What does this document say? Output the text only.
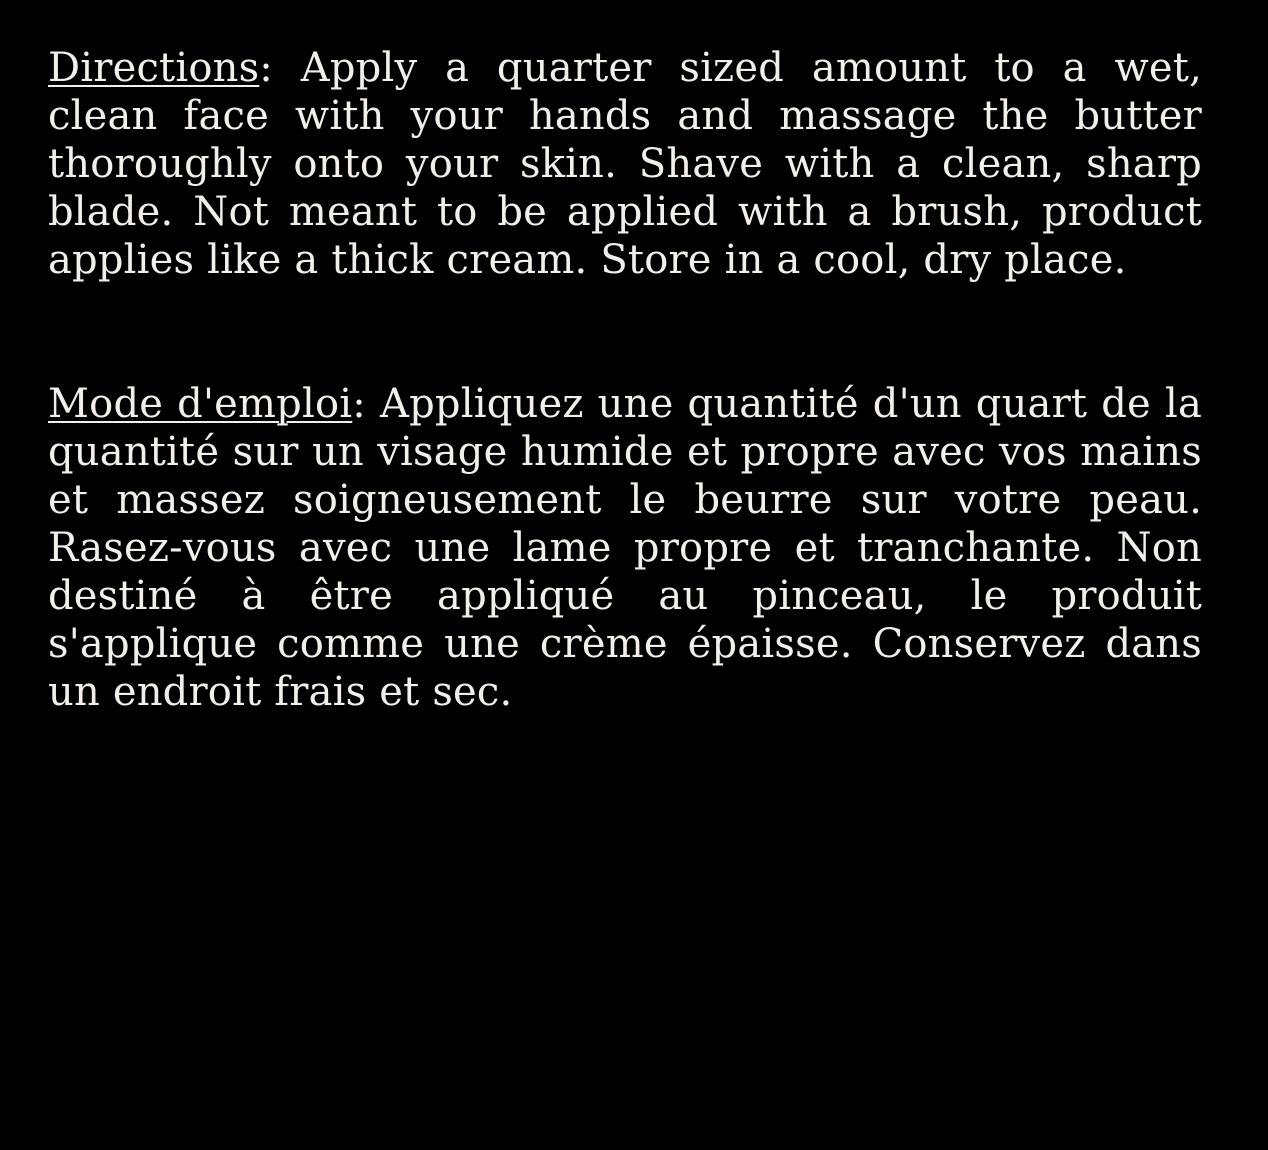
Directions: Apply a quarter sized amount to a wet, clean face with your hands and massage the butter thoroughly onto your skin. Shave with a clean, sharp blade. Not meant to be applied with a brush, product applies like a thick cream. Store in a cool, dry place.

Mode d'emploi: Appliquez une quantité d'un quart de la quantité sur un visage humide et propre avec vos mains et massez soigneusement le beurre sur votre peau. Rasez-vous avec une lame propre et tranchante. Non destiné à être appliqué au pinceau, le produit s'applique comme une crème épaisse. Conservez dans un endroit frais et sec.
